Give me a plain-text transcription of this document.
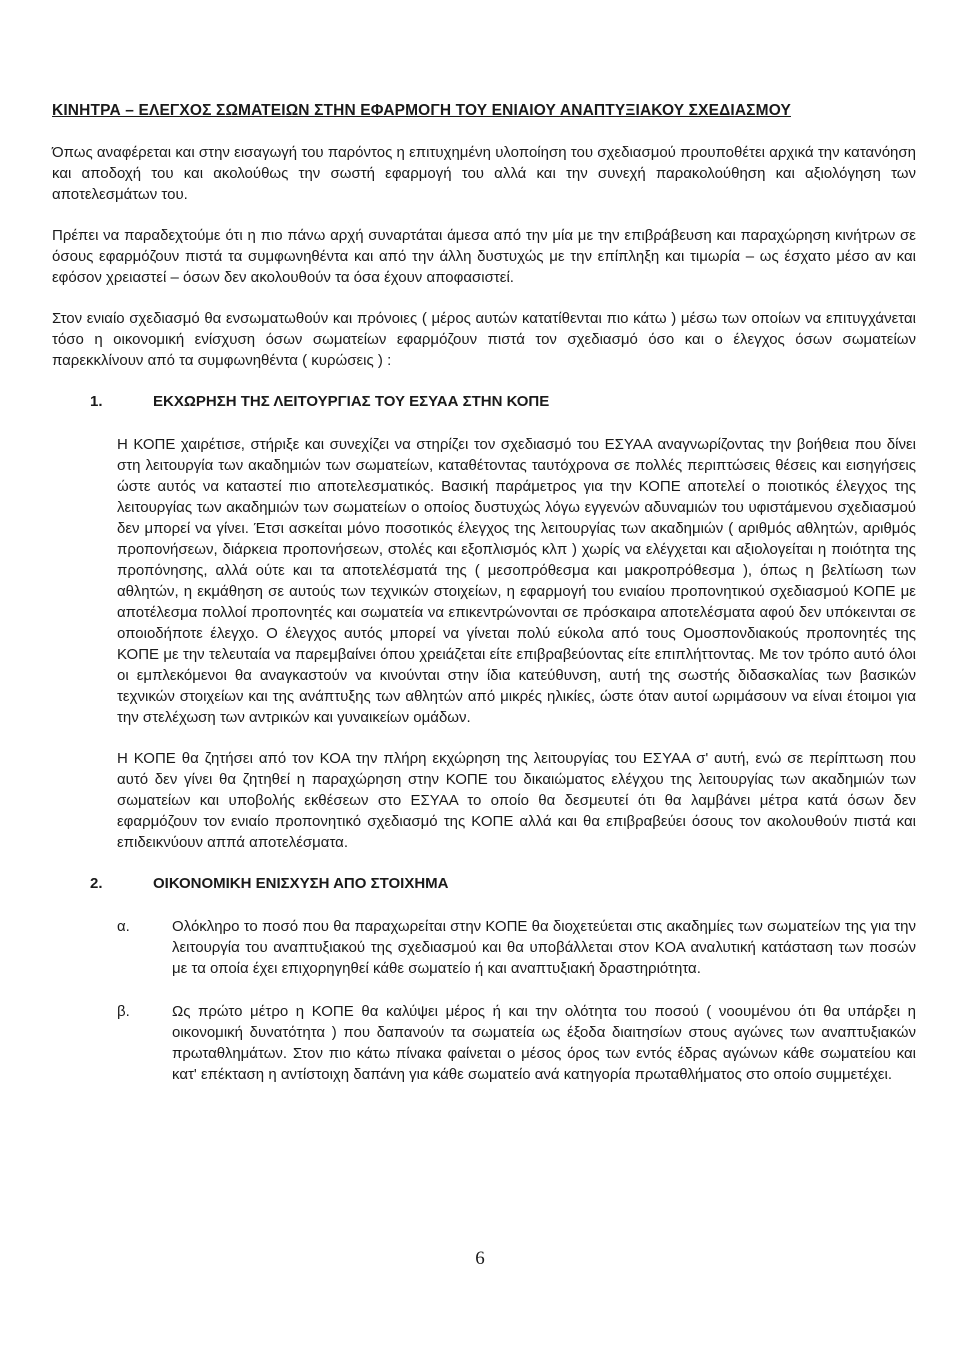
ΚΙΝΗΤΡΑ – ΕΛΕΓΧΟΣ ΣΩΜΑΤΕΙΩΝ ΣΤΗΝ ΕΦΑΡΜΟΓΗ ΤΟΥ ΕΝΙΑΙΟΥ ΑΝΑΠΤΥΞΙΑΚΟΥ ΣΧΕΔΙΑΣΜΟΥ

Όπως αναφέρεται και στην εισαγωγή του παρόντος η επιτυχημένη υλοποίηση του σχεδιασμού προυποθέτει αρχικά την κατανόηση και αποδοχή του και ακολούθως την σωστή εφαρμογή του αλλά και την συνεχή παρακολούθηση και αξιολόγηση των αποτελεσμάτων του.

Πρέπει να παραδεχτούμε ότι η πιο πάνω αρχή συναρτάται άμεσα από την μία με την επιβράβευση και παραχώρηση κινήτρων σε όσους εφαρμόζουν πιστά τα συμφωνηθέντα και από την άλλη δυστυχώς με την επίπληξη και τιμωρία – ως έσχατο μέσο αν και εφόσον χρειαστεί – όσων δεν ακολουθούν τα όσα έχουν αποφασιστεί.

Στον ενιαίο σχεδιασμό θα ενσωματωθούν και πρόνοιες ( μέρος αυτών κατατίθενται πιο κάτω ) μέσω των οποίων να επιτυγχάνεται τόσο η οικονομική ενίσχυση όσων σωματείων εφαρμόζουν πιστά τον σχεδιασμό όσο και ο έλεγχος όσων σωματείων παρεκκλίνουν από τα συμφωνηθέντα ( κυρώσεις ) :

1.	ΕΚΧΩΡΗΣΗ ΤΗΣ ΛΕΙΤΟΥΡΓΙΑΣ ΤΟΥ ΕΣΥΑΑ ΣΤΗΝ ΚΟΠΕ

Η ΚΟΠΕ χαιρέτισε, στήριξε και συνεχίζει να στηρίζει τον σχεδιασμό του ΕΣΥΑΑ αναγνωρίζοντας την βοήθεια που δίνει στη λειτουργία των ακαδημιών των σωματείων, καταθέτοντας ταυτόχρονα σε πολλές περιπτώσεις θέσεις και εισηγήσεις ώστε αυτός να καταστεί πιο αποτελεσματικός. Βασική παράμετρος για την ΚΟΠΕ αποτελεί ο ποιοτικός έλεγχος της λειτουργίας των ακαδημιών των σωματείων ο οποίος δυστυχώς λόγω εγγενών αδυναμιών του υφιστάμενου σχεδιασμού δεν μπορεί να γίνει. Έτσι ασκείται μόνο ποσοτικός έλεγχος της λειτουργίας των ακαδημιών ( αριθμός αθλητών, αριθμός προπονήσεων, διάρκεια προπονήσεων, στολές και εξοπλισμός κλπ ) χωρίς να ελέγχεται και αξιολογείται η ποιότητα της προπόνησης, αλλά ούτε και τα αποτελέσματά της ( μεσοπρόθεσμα και μακροπρόθεσμα ), όπως η βελτίωση των αθλητών, η εκμάθηση σε αυτούς των τεχνικών στοιχείων, η εφαρμογή του ενιαίου προπονητικού σχεδιασμού ΚΟΠΕ με αποτέλεσμα πολλοί προπονητές και σωματεία να επικεντρώνονται σε πρόσκαιρα αποτελέσματα αφού δεν υπόκεινται σε οποιοδήποτε έλεγχο. Ο έλεγχος αυτός μπορεί να γίνεται πολύ εύκολα από τους Ομοσπονδιακούς προπονητές της ΚΟΠΕ με την τελευταία να παρεμβαίνει όπου χρειάζεται είτε επιβραβεύοντας είτε επιπλήττοντας. Με τον τρόπο αυτό όλοι οι εμπλεκόμενοι θα αναγκαστούν να κινούνται στην ίδια κατεύθυνση, αυτή της σωστής διδασκαλίας των βασικών τεχνικών στοιχείων και της ανάπτυξης των αθλητών από μικρές ηλικίες, ώστε όταν αυτοί ωριμάσουν να είναι έτοιμοι για την στελέχωση των αντρικών και γυναικείων ομάδων.

Η ΚΟΠΕ θα ζητήσει από τον ΚΟΑ την πλήρη εκχώρηση της λειτουργίας του ΕΣΥΑΑ σ' αυτή, ενώ σε περίπτωση που αυτό δεν γίνει θα ζητηθεί η παραχώρηση στην ΚΟΠΕ του δικαιώματος ελέγχου της λειτουργίας των ακαδημιών των σωματείων και υποβολής εκθέσεων στο ΕΣΥΑΑ το οποίο θα δεσμευτεί ότι θα λαμβάνει μέτρα κατά όσων δεν εφαρμόζουν τον ενιαίο προπονητικό σχεδιασμό της ΚΟΠΕ αλλά και θα επιβραβεύει όσους τον ακολουθούν πιστά και επιδεικνύουν αππά αποτελέσματα.

2.	ΟΙΚΟΝΟΜΙΚΗ ΕΝΙΣΧΥΣΗ ΑΠΟ ΣΤΟΙΧΗΜΑ
α.	Ολόκληρο το ποσό που θα παραχωρείται στην ΚΟΠΕ θα διοχετεύεται στις ακαδημίες των σωματείων της για την λειτουργία του αναπτυξιακού της σχεδιασμού και θα υποβάλλεται στον ΚΟΑ αναλυτική κατάσταση των ποσών με τα οποία έχει επιχορηγηθεί κάθε σωματείο ή και αναπτυξιακή δραστηριότητα.

β.	Ως πρώτο μέτρο η ΚΟΠΕ θα καλύψει μέρος ή και την ολότητα του ποσού ( νοουμένου ότι θα υπάρξει η οικονομική δυνατότητα ) που δαπανούν τα σωματεία ως έξοδα διαιτησίων στους αγώνες των αναπτυξιακών πρωταθλημάτων. Στον πιο κάτω πίνακα φαίνεται ο μέσος όρος των εντός έδρας αγώνων κάθε σωματείου και κατ' επέκταση η αντίστοιχη δαπάνη για κάθε σωματείο ανά κατηγορία πρωταθλήματος στο οποίο συμμετέχει.

6
